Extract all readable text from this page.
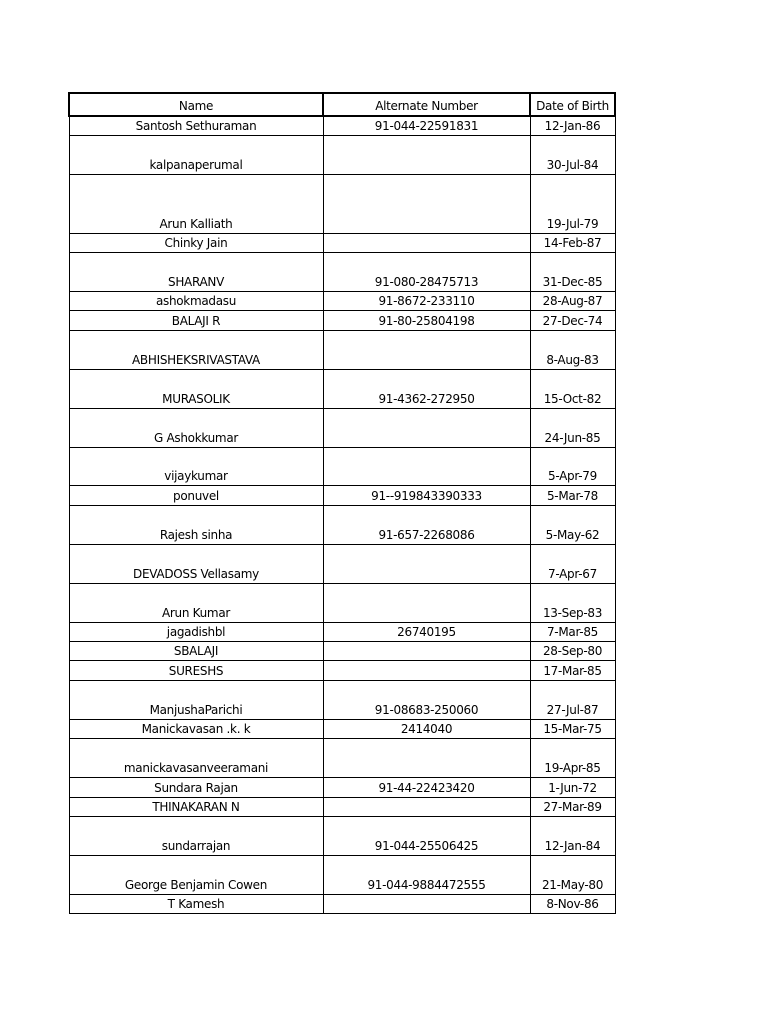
Name	Alternate Number	Date of Birth
Santosh Sethuraman	91-044-22591831	12-Jan-86
kalpanaperumal		30-Jul-84
Arun Kalliath		19-Jul-79
Chinky Jain		14-Feb-87
SHARANV	91-080-28475713	31-Dec-85
ashokmadasu	91-8672-233110	28-Aug-87
BALAJI R	91-80-25804198	27-Dec-74
ABHISHEKSRIVASTAVA		8-Aug-83
MURASOLIK	91-4362-272950	15-Oct-82
G Ashokkumar		24-Jun-85
vijaykumar		5-Apr-79
ponuvel	91--919843390333	5-Mar-78
Rajesh sinha	91-657-2268086	5-May-62
DEVADOSS Vellasamy		7-Apr-67
Arun Kumar		13-Sep-83
jagadishbl	26740195	7-Mar-85
SBALAJI		28-Sep-80
SURESHS		17-Mar-85
ManjushaParichi	91-08683-250060	27-Jul-87
Manickavasan .k. k	2414040	15-Mar-75
manickavasanveeramani		19-Apr-85
Sundara Rajan	91-44-22423420	1-Jun-72
THINAKARAN N		27-Mar-89
sundarrajan	91-044-25506425	12-Jan-84
George Benjamin Cowen	91-044-9884472555	21-May-80
T Kamesh		8-Nov-86
